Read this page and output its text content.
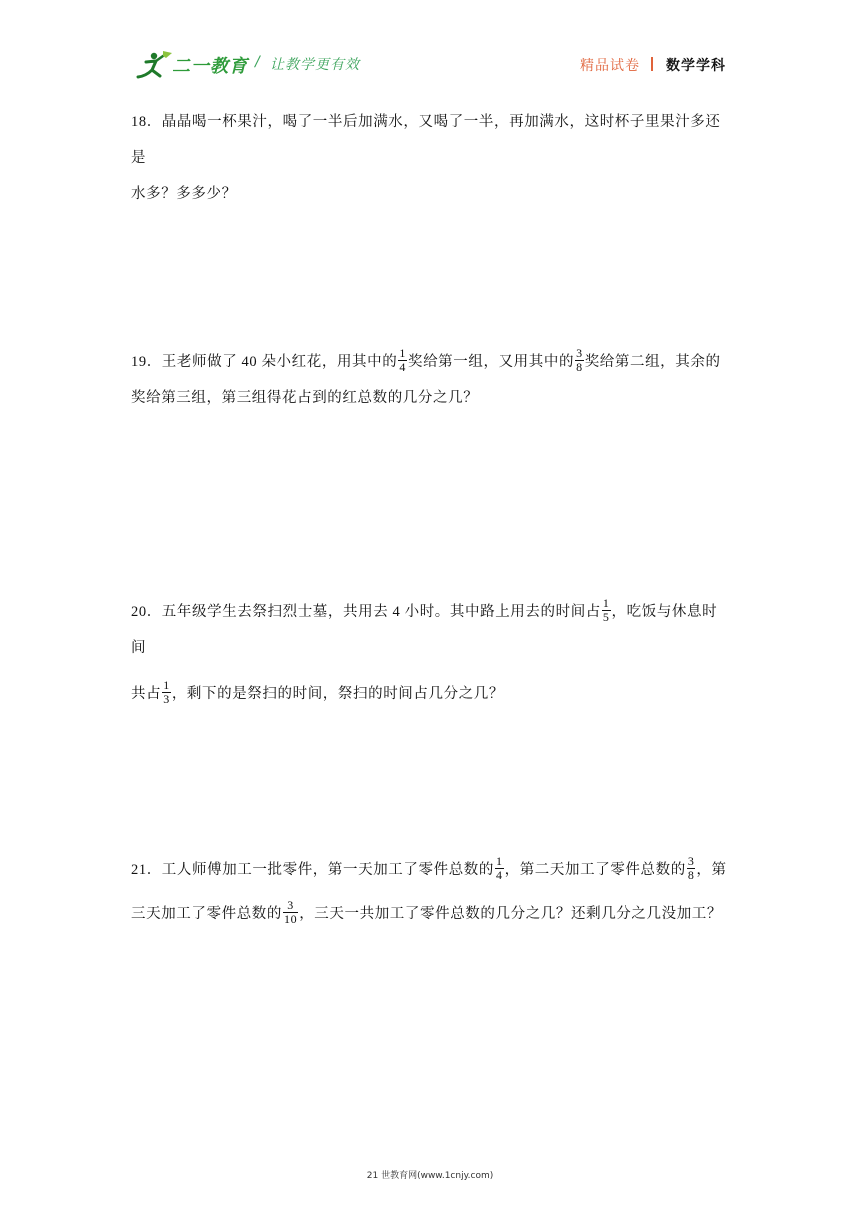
二一教育 / 让教学更有效	精品试卷 数学学科
18．晶晶喝一杯果汁，喝了一半后加满水，又喝了一半，再加满水，这时杯子里果汁多还是
水多？多多少？
19．王老师做了 40 朵小红花，用其中的 $\frac{1}{4}$ 奖给第一组，又用其中的 $\frac{3}{8}$ 奖给第二组，其余的
奖给第三组，第三组得花占到的红总数的几分之几？
20．五年级学生去祭扫烈士墓，共用去 4 小时。其中路上用去的时间占 $\frac{1}{5}$ ，吃饭与休息时间
共占 $\frac{1}{3}$ ，剩下的是祭扫的时间，祭扫的时间占几分之几？
21．工人师傅加工一批零件，第一天加工了零件总数的 $\frac{1}{4}$ ，第二天加工了零件总数的 $\frac{3}{8}$ ，第
三天加工了零件总数的 $\frac{3}{10}$ ，三天一共加工了零件总数的几分之几？还剩几分之几没加工？
21 世教育网(www.1cnjy.com)
